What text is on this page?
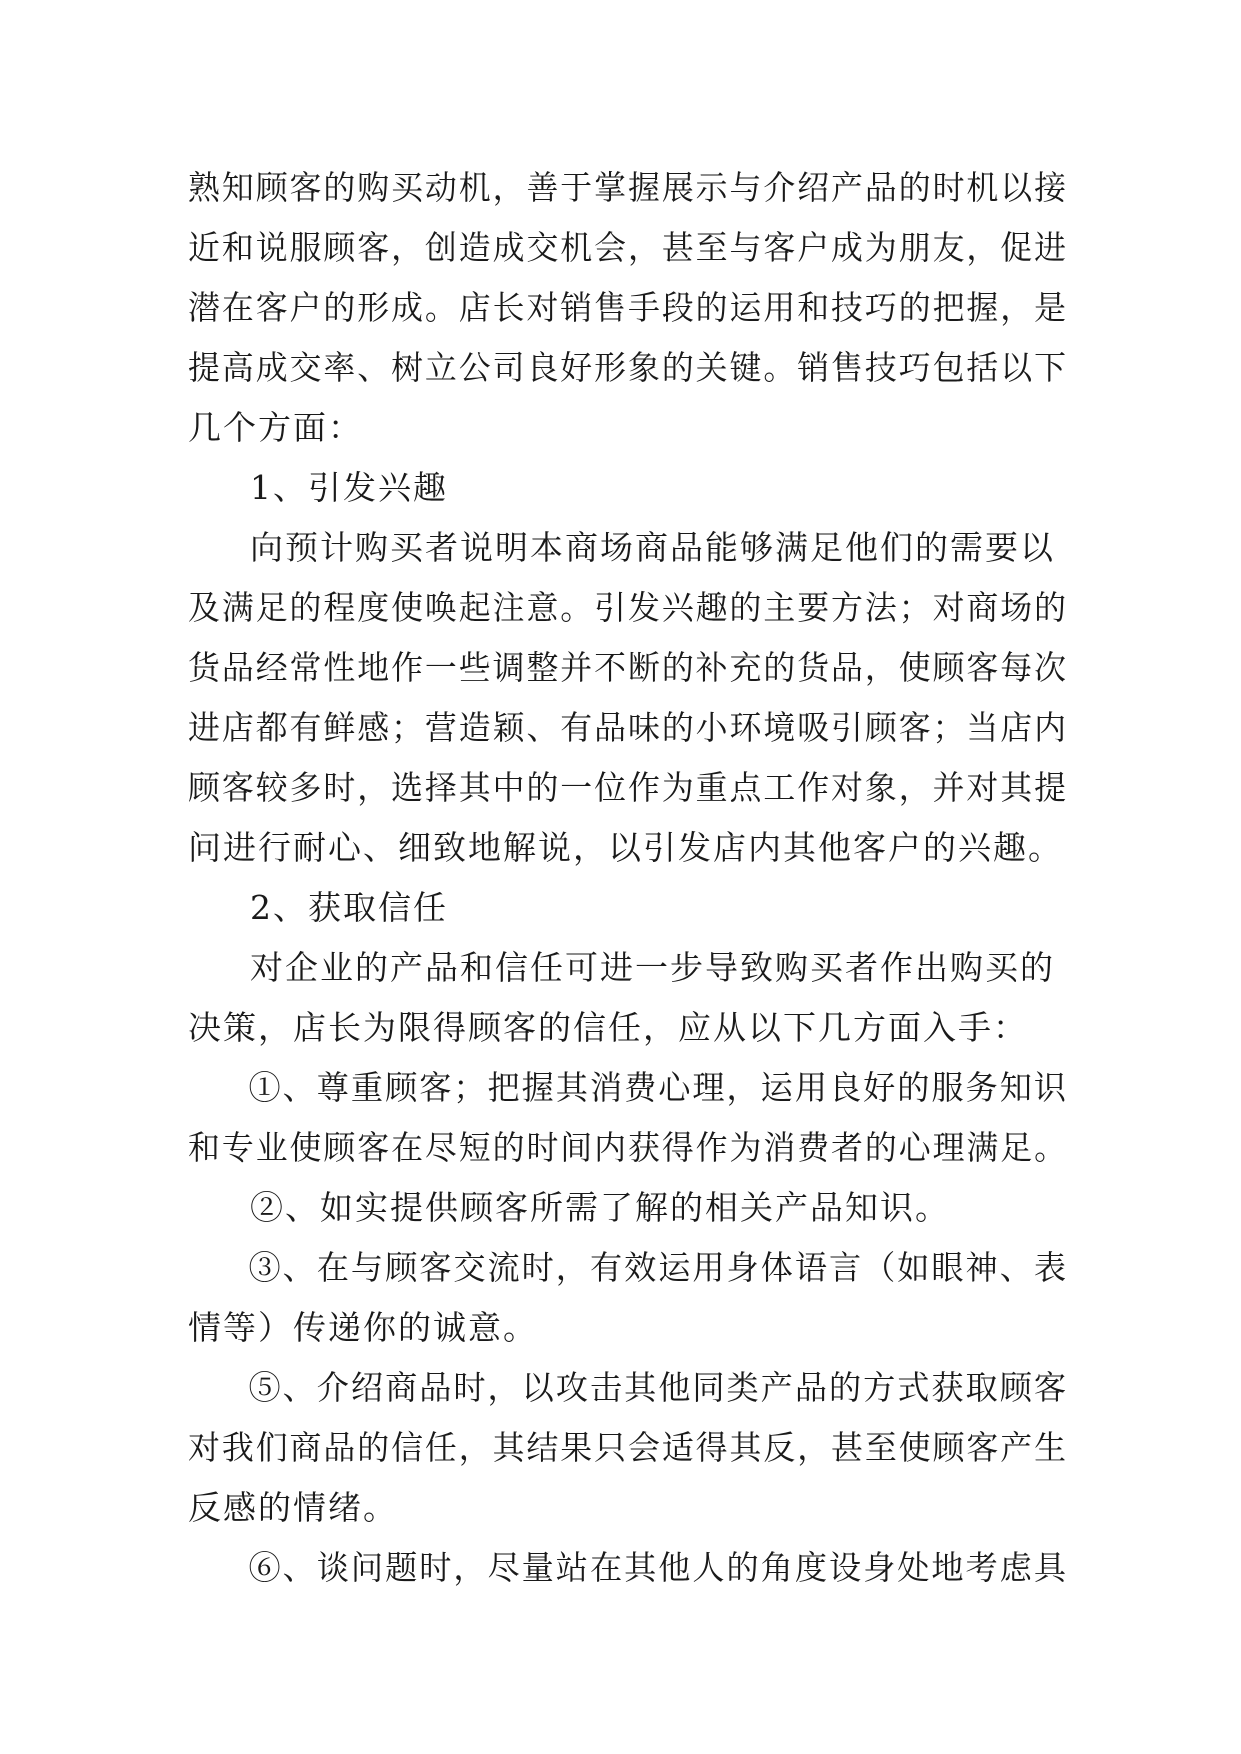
熟知顾客的购买动机，善于掌握展示与介绍产品的时机以接
近和说服顾客，创造成交机会，甚至与客户成为朋友，促进
潜在客户的形成。店长对销售手段的运用和技巧的把握，是
提高成交率、树立公司良好形象的关键。销售技巧包括以下
几个方面：
1、引发兴趣
向预计购买者说明本商场商品能够满足他们的需要以
及满足的程度使唤起注意。引发兴趣的主要方法；对商场的
货品经常性地作一些调整并不断的补充的货品，使顾客每次
进店都有鲜感；营造颖、有品味的小环境吸引顾客；当店内
顾客较多时，选择其中的一位作为重点工作对象，并对其提
问进行耐心、细致地解说，以引发店内其他客户的兴趣。
2、获取信任
对企业的产品和信任可进一步导致购买者作出购买的
决策，店长为限得顾客的信任，应从以下几方面入手：
①、尊重顾客；把握其消费心理，运用良好的服务知识
和专业使顾客在尽短的时间内获得作为消费者的心理满足。
②、如实提供顾客所需了解的相关产品知识。
③、在与顾客交流时，有效运用身体语言（如眼神、表
情等）传递你的诚意。
⑤、介绍商品时，以攻击其他同类产品的方式获取顾客
对我们商品的信任，其结果只会适得其反，甚至使顾客产生
反感的情绪。
⑥、谈问题时，尽量站在其他人的角度设身处地考虑具
